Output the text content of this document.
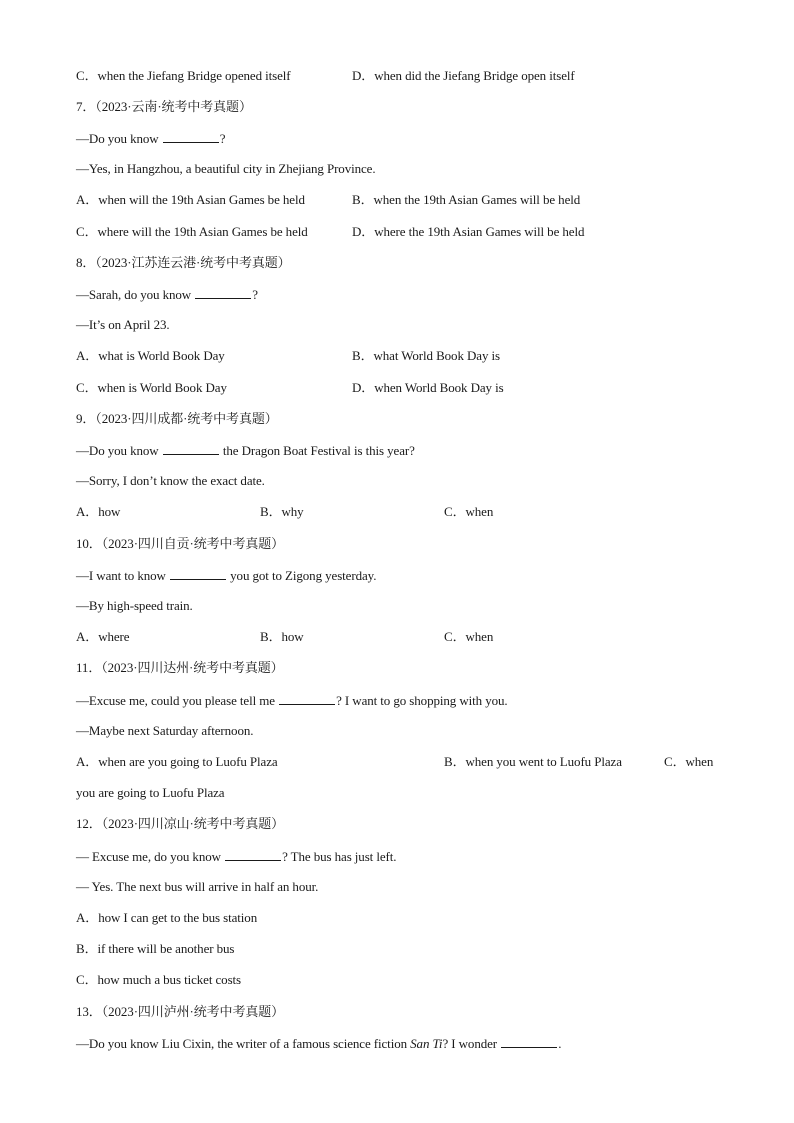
C．when the Jiefang Bridge opened itself	D．when did the Jiefang Bridge open itself
7．（2023·云南·统考中考真题）
—Do you know	?
—Yes, in Hangzhou, a beautiful city in Zhejiang Province.
A．when will the 19th Asian Games be held	B．when the 19th Asian Games will be held
C．where will the 19th Asian Games be held	D．where the 19th Asian Games will be held
8．（2023·江苏连云港·统考中考真题）
—Sarah, do you know	?
—It’s on April 23.
A．what is World Book Day	B．what World Book Day is
C．when is World Book Day	D．when World Book Day is
9．（2023·四川成都·统考中考真题）
—Do you know	the Dragon Boat Festival is this year?
—Sorry, I don’t know the exact date.
A．how	B．why	C．when
10．（2023·四川自贡·统考中考真题）
—I want to know	you got to Zigong yesterday.
—By high-speed train.
A．where	B．how	C．when
11．（2023·四川达州·统考中考真题）
—Excuse me, could you please tell me	? I want to go shopping with you.
—Maybe next Saturday afternoon.
A．when are you going to Luofu Plaza	B．when you went to Luofu Plaza	C．when
you are going to Luofu Plaza
12．（2023·四川凉山·统考中考真题）
— Excuse me, do you know	? The bus has just left.
— Yes. The next bus will arrive in half an hour.
A．how I can get to the bus station
B．if there will be another bus
C．how much a bus ticket costs
13．（2023·四川泸州·统考中考真题）
—Do you know Liu Cixin, the writer of a famous science fiction San Ti? I wonder	.
